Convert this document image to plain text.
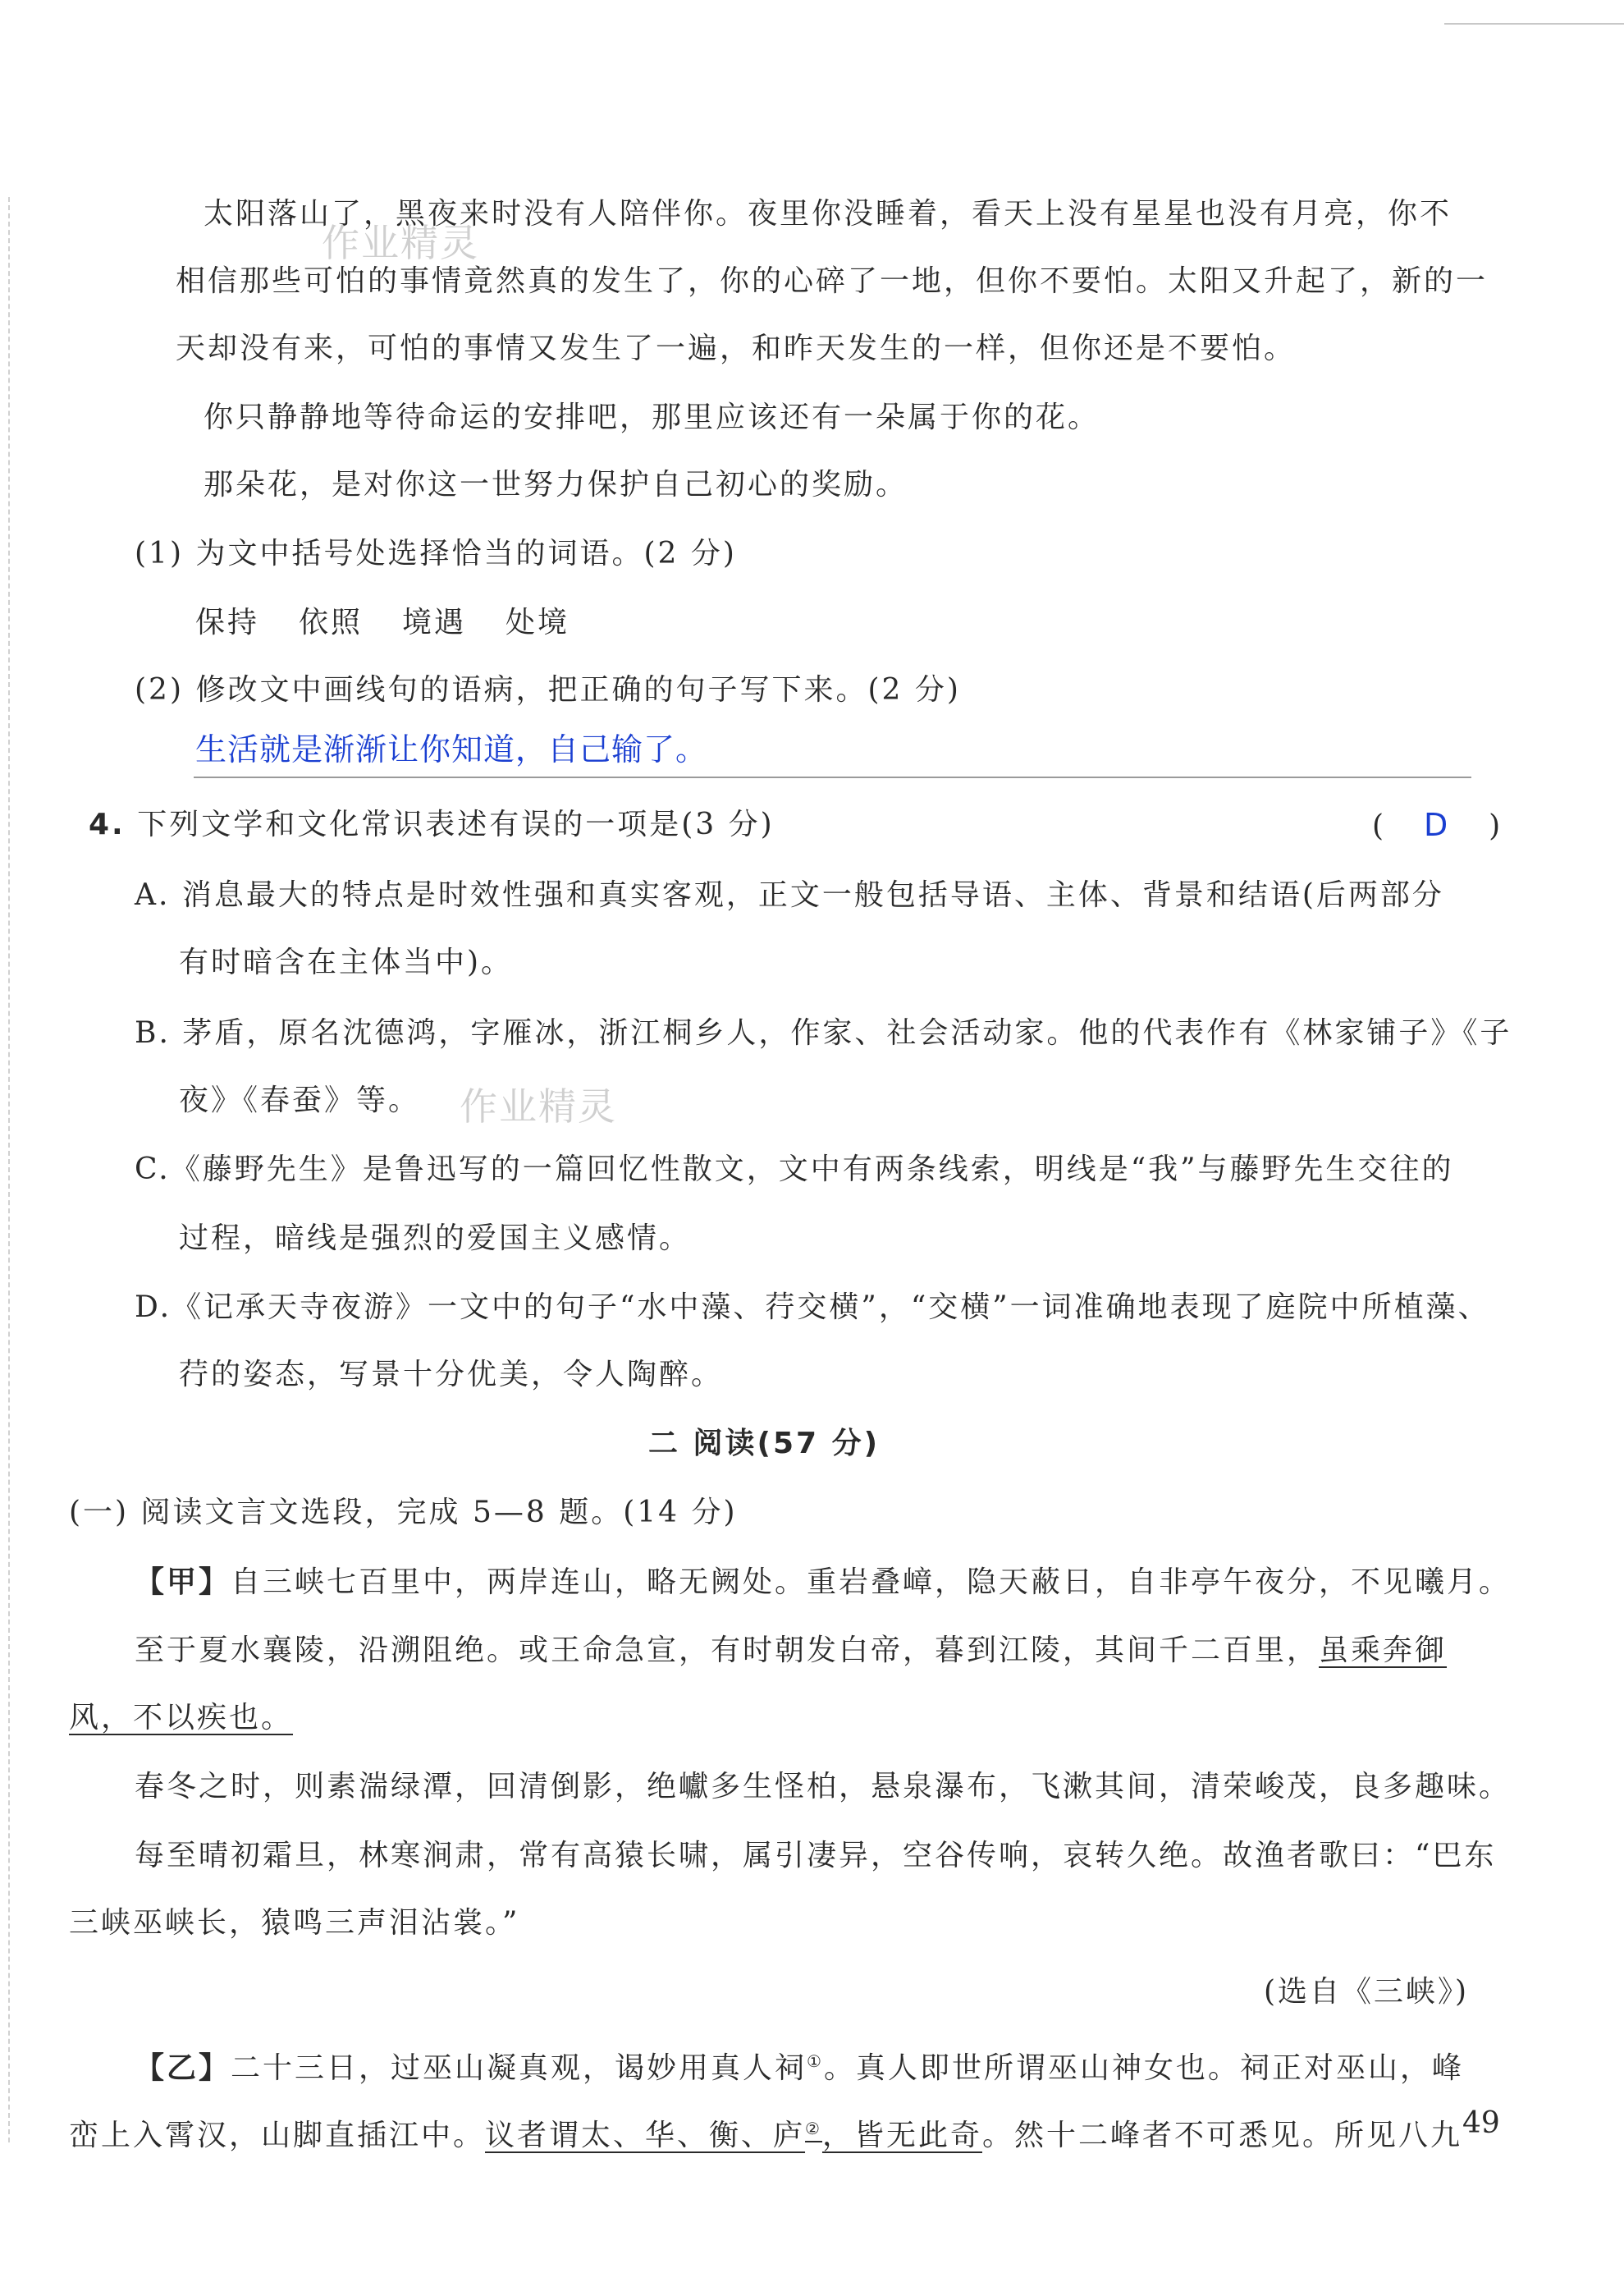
作业精灵
作业精灵
太阳落山了，黑夜来时没有人陪伴你。夜里你没睡着，看天上没有星星也没有月亮，你不
相信那些可怕的事情竟然真的发生了，你的心碎了一地，但你不要怕。太阳又升起了，新的一
天却没有来，可怕的事情又发生了一遍，和昨天发生的一样，但你还是不要怕。
你只静静地等待命运的安排吧，那里应该还有一朵属于你的花。
那朵花，是对你这一世努力保护自己初心的奖励。
(1) 为文中括号处选择恰当的词语。(2 分)
保持 依照 境遇 处境
(2) 修改文中画线句的语病，把正确的句子写下来。(2 分)
生活就是渐渐让你知道，自己输了。
4. 下列文学和文化常识表述有误的一项是(3 分)	( D )
A. 消息最大的特点是时效性强和真实客观，正文一般包括导语、主体、背景和结语(后两部分
有时暗含在主体当中)。
B. 茅盾，原名沈德鸿，字雁冰，浙江桐乡人，作家、社会活动家。他的代表作有《林家铺子》《子
夜》《春蚕》等。
C.《藤野先生》是鲁迅写的一篇回忆性散文，文中有两条线索，明线是“我”与藤野先生交往的
过程，暗线是强烈的爱国主义感情。
D.《记承天寺夜游》一文中的句子“水中藻、荇交横”，“交横”一词准确地表现了庭院中所植藻、
荇的姿态，写景十分优美，令人陶醉。
二 阅读(57 分)
(一) 阅读文言文选段，完成 5—8 题。(14 分)
【甲】自三峡七百里中，两岸连山，略无阙处。重岩叠嶂，隐天蔽日，自非亭午夜分，不见曦月。
至于夏水襄陵，沿溯阻绝。或王命急宣，有时朝发白帝，暮到江陵，其间千二百里，虽乘奔御
风，不以疾也。
春冬之时，则素湍绿潭，回清倒影，绝巘多生怪柏，悬泉瀑布，飞漱其间，清荣峻茂，良多趣味。
每至晴初霜旦，林寒涧肃，常有高猿长啸，属引凄异，空谷传响，哀转久绝。故渔者歌曰：“巴东
三峡巫峡长，猿鸣三声泪沾裳。”
(选自《三峡》)
【乙】二十三日，过巫山凝真观，谒妙用真人祠①。真人即世所谓巫山神女也。祠正对巫山，峰
峦上入霄汉，山脚直插江中。议者谓太、华、衡、庐②，皆无此奇。然十二峰者不可悉见。所见八九 49
